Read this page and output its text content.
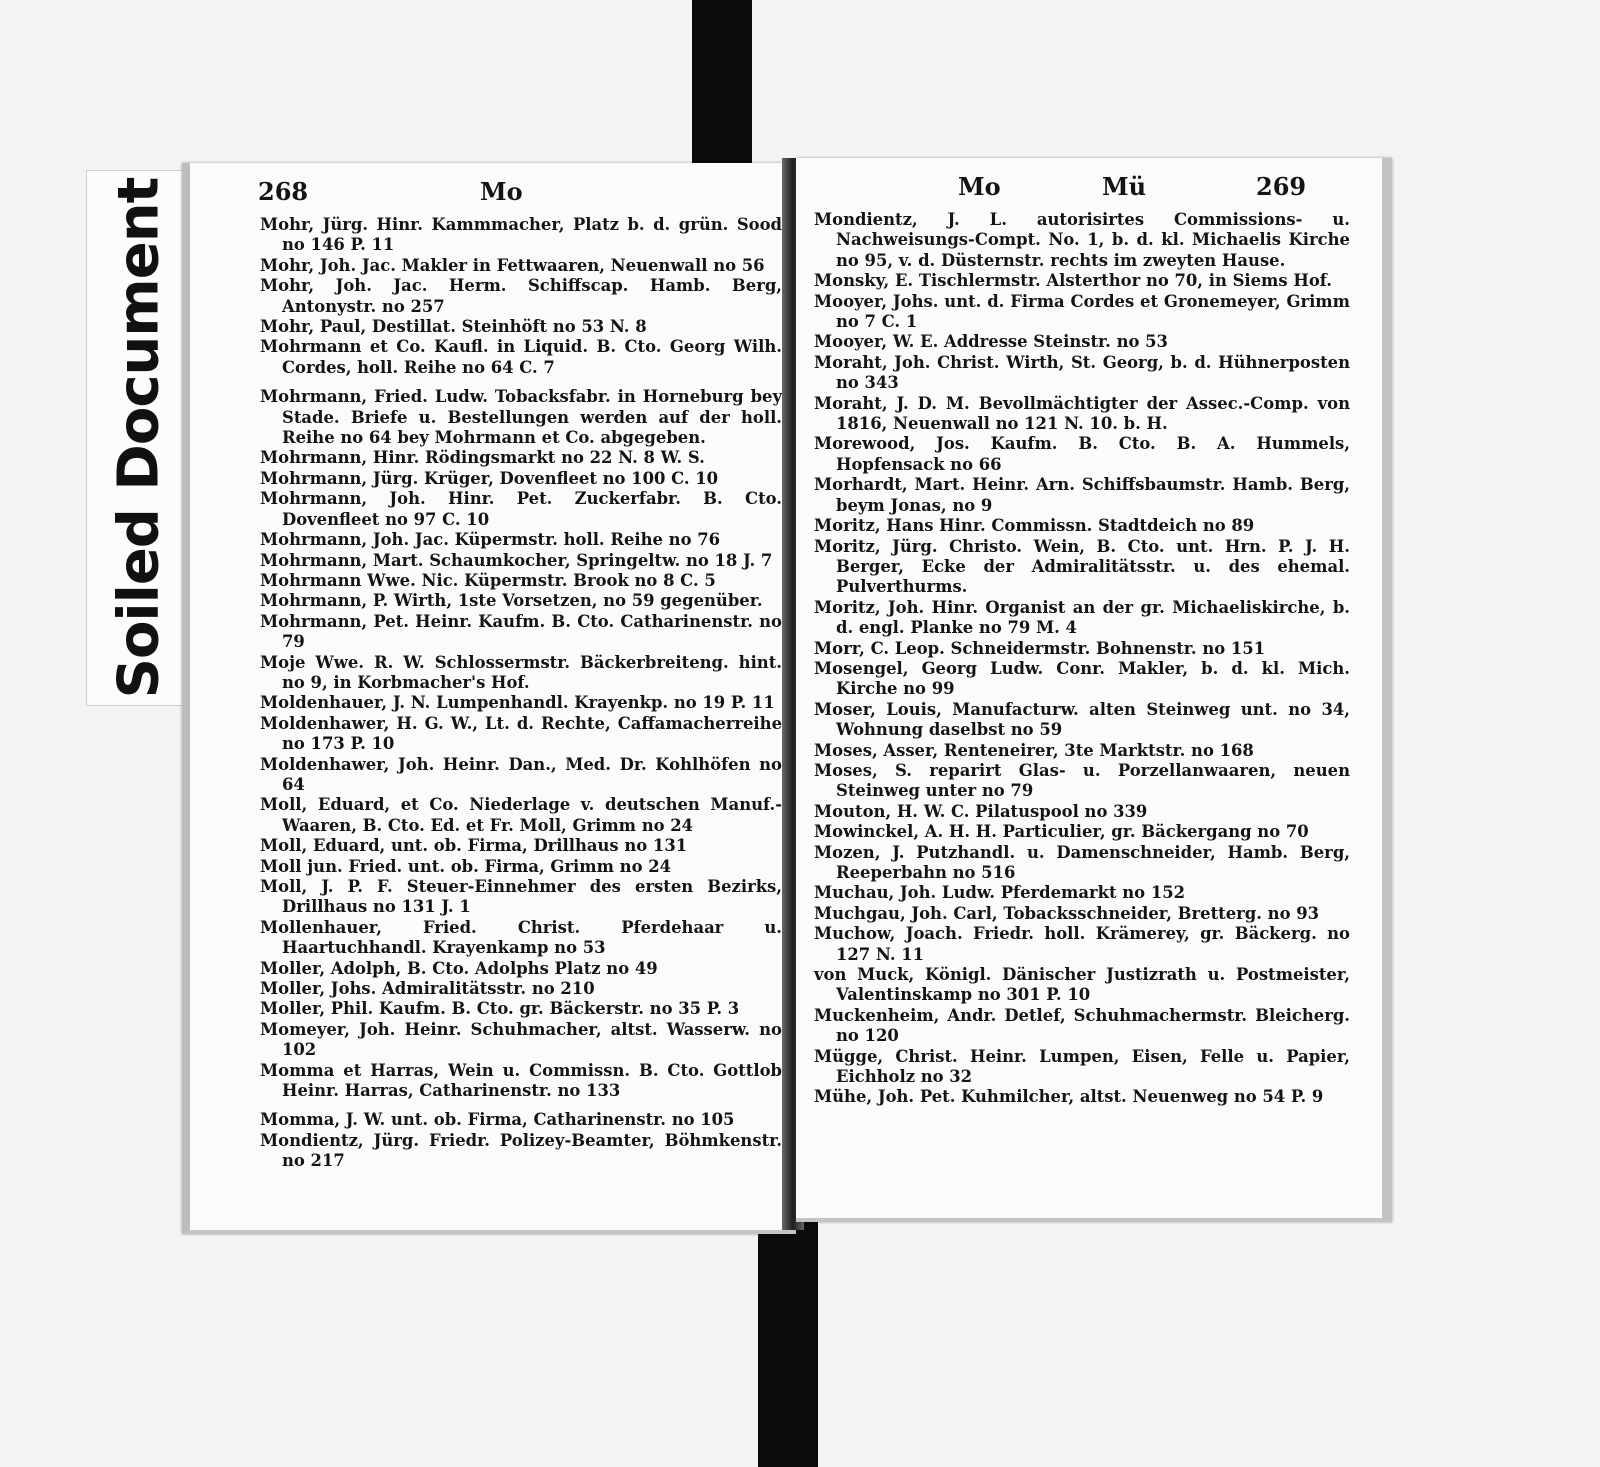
Soiled Document	268	Mo
Mohr, Jürg. Hinr. Kammmacher, Platz b. d. grün. Sood no 146 P. 11
Mohr, Joh. Jac. Makler in Fettwaaren, Neuenwall no 56
Mohr, Joh. Jac. Herm. Schiffscap. Hamb. Berg, Antonystr. no 257
Mohr, Paul, Destillat. Steinhöft no 53 N. 8
Mohrmann et Co. Kaufl. in Liquid. B. Cto. Georg Wilh. Cordes, holl. Reihe no 64 C. 7
Mohrmann, Fried. Ludw. Tobacksfabr. in Horneburg bey Stade. Briefe u. Bestellungen werden auf der holl. Reihe no 64 bey Mohrmann et Co. abgegeben.
Mohrmann, Hinr. Rödingsmarkt no 22 N. 8 W. S.
Mohrmann, Jürg. Krüger, Dovenfleet no 100 C. 10
Mohrmann, Joh. Hinr. Pet. Zuckerfabr. B. Cto. Dovenfleet no 97 C. 10
Mohrmann, Joh. Jac. Küpermstr. holl. Reihe no 76
Mohrmann, Mart. Schaumkocher, Springeltw. no 18 J. 7
Mohrmann Wwe. Nic. Küpermstr. Brook no 8 C. 5
Mohrmann, P. Wirth, 1ste Vorsetzen, no 59 gegenüber.
Mohrmann, Pet. Heinr. Kaufm. B. Cto. Catharinenstr. no 79
Moje Wwe. R. W. Schlossermstr. Bäckerbreiteng. hint. no 9, in Korbmacher's Hof.
Moldenhauer, J. N. Lumpenhandl. Krayenkp. no 19 P. 11
Moldenhawer, H. G. W., Lt. d. Rechte, Caffamacherreihe no 173 P. 10
Moldenhawer, Joh. Heinr. Dan., Med. Dr. Kohlhöfen no 64
Moll, Eduard, et Co. Niederlage v. deutschen Manuf.-Waaren, B. Cto. Ed. et Fr. Moll, Grimm no 24
Moll, Eduard, unt. ob. Firma, Drillhaus no 131
Moll jun. Fried. unt. ob. Firma, Grimm no 24
Moll, J. P. F. Steuer-Einnehmer des ersten Bezirks, Drillhaus no 131 J. 1
Mollenhauer, Fried. Christ. Pferdehaar u. Haartuchhandl. Krayenkamp no 53
Moller, Adolph, B. Cto. Adolphs Platz no 49
Moller, Johs. Admiralitätsstr. no 210
Moller, Phil. Kaufm. B. Cto. gr. Bäckerstr. no 35 P. 3
Momeyer, Joh. Heinr. Schuhmacher, altst. Wasserw. no 102
Momma et Harras, Wein u. Commissn. B. Cto. Gottlob Heinr. Harras, Catharinenstr. no 133
Momma, J. W. unt. ob. Firma, Catharinenstr. no 105
Mondientz, Jürg. Friedr. Polizey-Beamter, Böhmkenstr. no 217
Mo	Mü	269
Mondientz, J. L. autorisirtes Commissions- u. Nachweisungs-Compt. No. 1, b. d. kl. Michaelis Kirche no 95, v. d. Düsternstr. rechts im zweyten Hause.
Monsky, E. Tischlermstr. Alsterthor no 70, in Siems Hof.
Mooyer, Johs. unt. d. Firma Cordes et Gronemeyer, Grimm no 7 C. 1
Mooyer, W. E. Addresse Steinstr. no 53
Moraht, Joh. Christ. Wirth, St. Georg, b. d. Hühnerposten no 343
Moraht, J. D. M. Bevollmächtigter der Assec.-Comp. von 1816, Neuenwall no 121 N. 10. b. H.
Morewood, Jos. Kaufm. B. Cto. B. A. Hummels, Hopfensack no 66
Morhardt, Mart. Heinr. Arn. Schiffsbaumstr. Hamb. Berg, beym Jonas, no 9
Moritz, Hans Hinr. Commissn. Stadtdeich no 89
Moritz, Jürg. Christo. Wein, B. Cto. unt. Hrn. P. J. H. Berger, Ecke der Admiralitätsstr. u. des ehemal. Pulverthurms.
Moritz, Joh. Hinr. Organist an der gr. Michaeliskirche, b. d. engl. Planke no 79 M. 4
Morr, C. Leop. Schneidermstr. Bohnenstr. no 151
Mosengel, Georg Ludw. Conr. Makler, b. d. kl. Mich. Kirche no 99
Moser, Louis, Manufacturw. alten Steinweg unt. no 34, Wohnung daselbst no 59
Moses, Asser, Renteneirer, 3te Marktstr. no 168
Moses, S. reparirt Glas- u. Porzellanwaaren, neuen Steinweg unter no 79
Mouton, H. W. C. Pilatuspool no 339
Mowinckel, A. H. H. Particulier, gr. Bäckergang no 70
Mozen, J. Putzhandl. u. Damenschneider, Hamb. Berg, Reeperbahn no 516
Muchau, Joh. Ludw. Pferdemarkt no 152
Muchgau, Joh. Carl, Tobacksschneider, Bretterg. no 93
Muchow, Joach. Friedr. holl. Krämerey, gr. Bäckerg. no 127 N. 11
von Muck, Königl. Dänischer Justizrath u. Postmeister, Valentinskamp no 301 P. 10
Muckenheim, Andr. Detlef, Schuhmachermstr. Bleicherg. no 120
Mügge, Christ. Heinr. Lumpen, Eisen, Felle u. Papier, Eichholz no 32
Mühe, Joh. Pet. Kuhmilcher, altst. Neuenweg no 54 P. 9
